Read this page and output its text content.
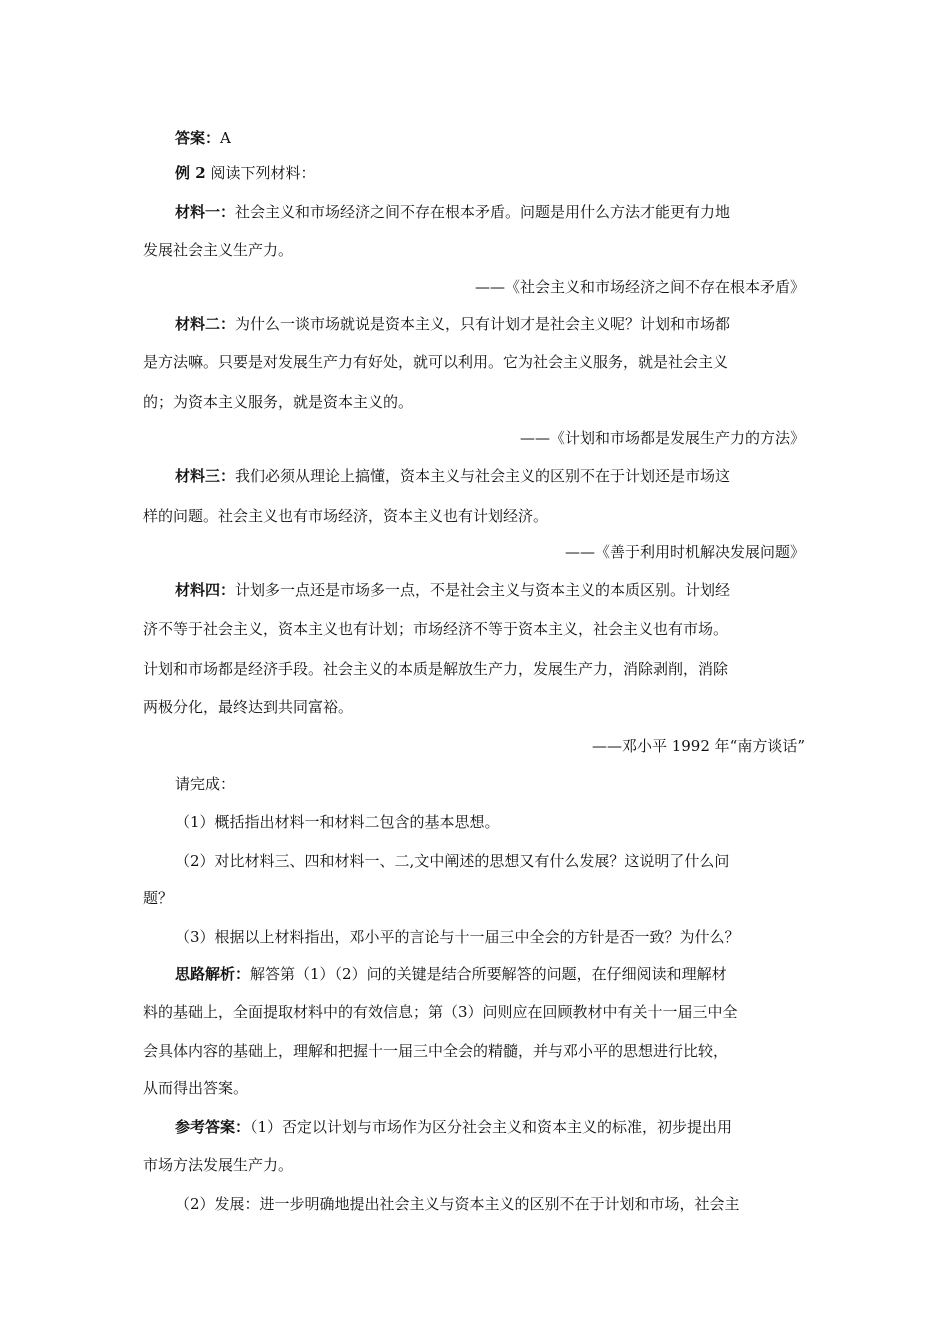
答案：A
例 2 阅读下列材料：
材料一：社会主义和市场经济之间不存在根本矛盾。问题是用什么方法才能更有力地
发展社会主义生产力。
——《社会主义和市场经济之间不存在根本矛盾》
材料二：为什么一谈市场就说是资本主义，只有计划才是社会主义呢？计划和市场都
是方法嘛。只要是对发展生产力有好处，就可以利用。它为社会主义服务，就是社会主义
的；为资本主义服务，就是资本主义的。
——《计划和市场都是发展生产力的方法》
材料三：我们必须从理论上搞懂，资本主义与社会主义的区别不在于计划还是市场这
样的问题。社会主义也有市场经济，资本主义也有计划经济。
——《善于利用时机解决发展问题》
材料四：计划多一点还是市场多一点，不是社会主义与资本主义的本质区别。计划经
济不等于社会主义，资本主义也有计划；市场经济不等于资本主义，社会主义也有市场。
计划和市场都是经济手段。社会主义的本质是解放生产力，发展生产力，消除剥削，消除
两极分化，最终达到共同富裕。
——邓小平 1992 年“南方谈话”
请完成：
（1）概括指出材料一和材料二包含的基本思想。
（2）对比材料三、四和材料一、二,文中阐述的思想又有什么发展？这说明了什么问
题？
（3）根据以上材料指出，邓小平的言论与十一届三中全会的方针是否一致？为什么？
思路解析：解答第（1）（2）问的关键是结合所要解答的问题，在仔细阅读和理解材
料的基础上，全面提取材料中的有效信息；第（3）问则应在回顾教材中有关十一届三中全
会具体内容的基础上，理解和把握十一届三中全会的精髓，并与邓小平的思想进行比较，
从而得出答案。
参考答案：（1）否定以计划与市场作为区分社会主义和资本主义的标准，初步提出用
市场方法发展生产力。
（2）发展：进一步明确地提出社会主义与资本主义的区别不在于计划和市场，社会主
